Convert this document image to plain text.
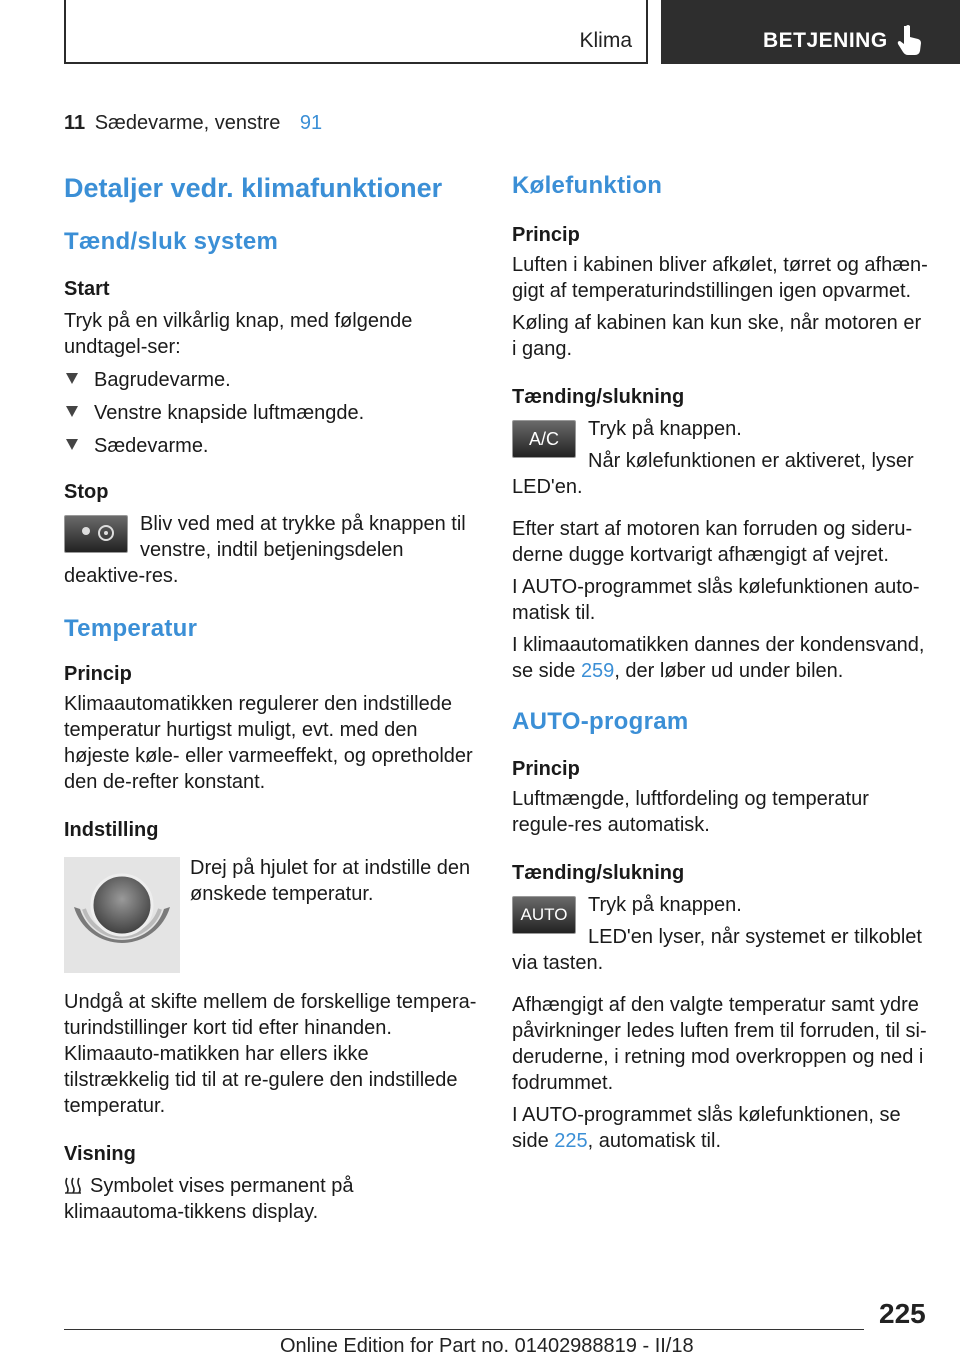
Klima	BETJENING
11 Sædevarme, venstre 91
Detaljer vedr. klimafunktioner
Tænd/sluk system
Start

Tryk på en vilkårlig knap, med følgende undtagel-ser:

Bagrudevarme.
Venstre knapside luftmængde.
Sædevarme.
Stop

Bliv ved med at trykke på knappen til venstre, indtil betjeningsdelen deaktive-res.

Temperatur
Princip

Klimaautomatikken regulerer den indstillede temperatur hurtigst muligt, evt. med den højeste køle- eller varmeeffekt, og opretholder den de-refter konstant.

Indstilling

Drej på hjulet for at indstille den ønskede temperatur.

Undgå at skifte mellem de forskellige tempera-turindstillinger kort tid efter hinanden. Klimaauto-matikken har ellers ikke tilstrækkelig tid til at re-gulere den indstillede temperatur.

Visning

Symbolet vises permanent på klimaautoma-tikkens display.

Kølefunktion
Princip

Luften i kabinen bliver afkølet, tørret og afhæn-gigt af temperaturindstillingen igen opvarmet.

Køling af kabinen kan kun ske, når motoren er i gang.

Tænding/slukning
A/C	Tryk på knappen.

Når kølefunktionen er aktiveret, lyser LED'en.

Efter start af motoren kan forruden og sideru-derne dugge kortvarigt afhængigt af vejret.

I AUTO-programmet slås kølefunktionen auto-matisk til.

I klimaautomatikken dannes der kondensvand, se side 259, der løber ud under bilen.

AUTO-program
Princip

Luftmængde, luftfordeling og temperatur regule-res automatisk.

Tænding/slukning
AUTO	Tryk på knappen.

LED'en lyser, når systemet er tilkoblet via tasten.

Afhængigt af den valgte temperatur samt ydre påvirkninger ledes luften frem til forruden, til si-deruderne, i retning mod overkroppen og ned i fodrummet.

I AUTO-programmet slås kølefunktionen, se side 225, automatisk til.

225
Online Edition for Part no. 01402988819 - II/18
